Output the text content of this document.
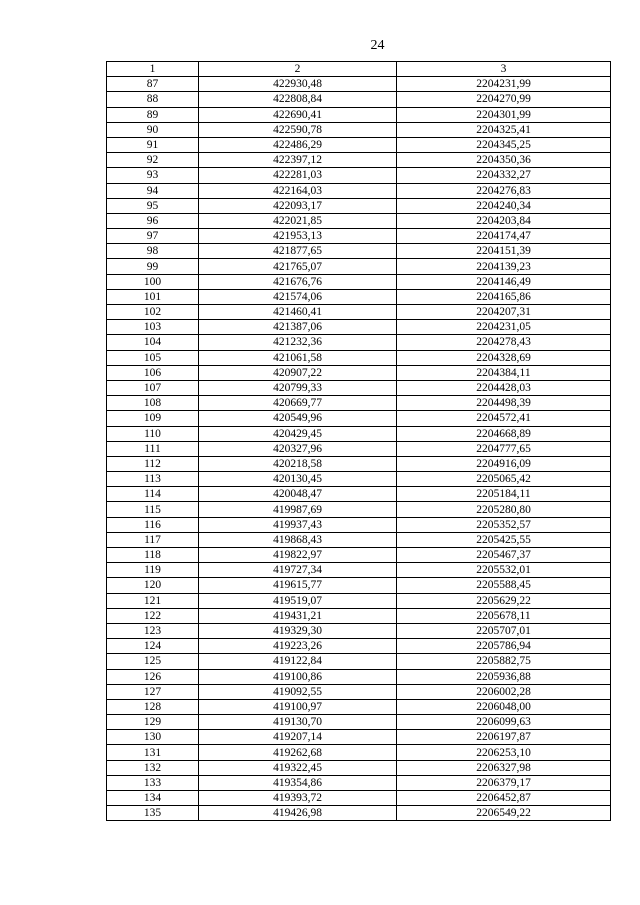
24
1	2	3
87	422930,48	2204231,99
88	422808,84	2204270,99
89	422690,41	2204301,99
90	422590,78	2204325,41
91	422486,29	2204345,25
92	422397,12	2204350,36
93	422281,03	2204332,27
94	422164,03	2204276,83
95	422093,17	2204240,34
96	422021,85	2204203,84
97	421953,13	2204174,47
98	421877,65	2204151,39
99	421765,07	2204139,23
100	421676,76	2204146,49
101	421574,06	2204165,86
102	421460,41	2204207,31
103	421387,06	2204231,05
104	421232,36	2204278,43
105	421061,58	2204328,69
106	420907,22	2204384,11
107	420799,33	2204428,03
108	420669,77	2204498,39
109	420549,96	2204572,41
110	420429,45	2204668,89
111	420327,96	2204777,65
112	420218,58	2204916,09
113	420130,45	2205065,42
114	420048,47	2205184,11
115	419987,69	2205280,80
116	419937,43	2205352,57
117	419868,43	2205425,55
118	419822,97	2205467,37
119	419727,34	2205532,01
120	419615,77	2205588,45
121	419519,07	2205629,22
122	419431,21	2205678,11
123	419329,30	2205707,01
124	419223,26	2205786,94
125	419122,84	2205882,75
126	419100,86	2205936,88
127	419092,55	2206002,28
128	419100,97	2206048,00
129	419130,70	2206099,63
130	419207,14	2206197,87
131	419262,68	2206253,10
132	419322,45	2206327,98
133	419354,86	2206379,17
134	419393,72	2206452,87
135	419426,98	2206549,22
